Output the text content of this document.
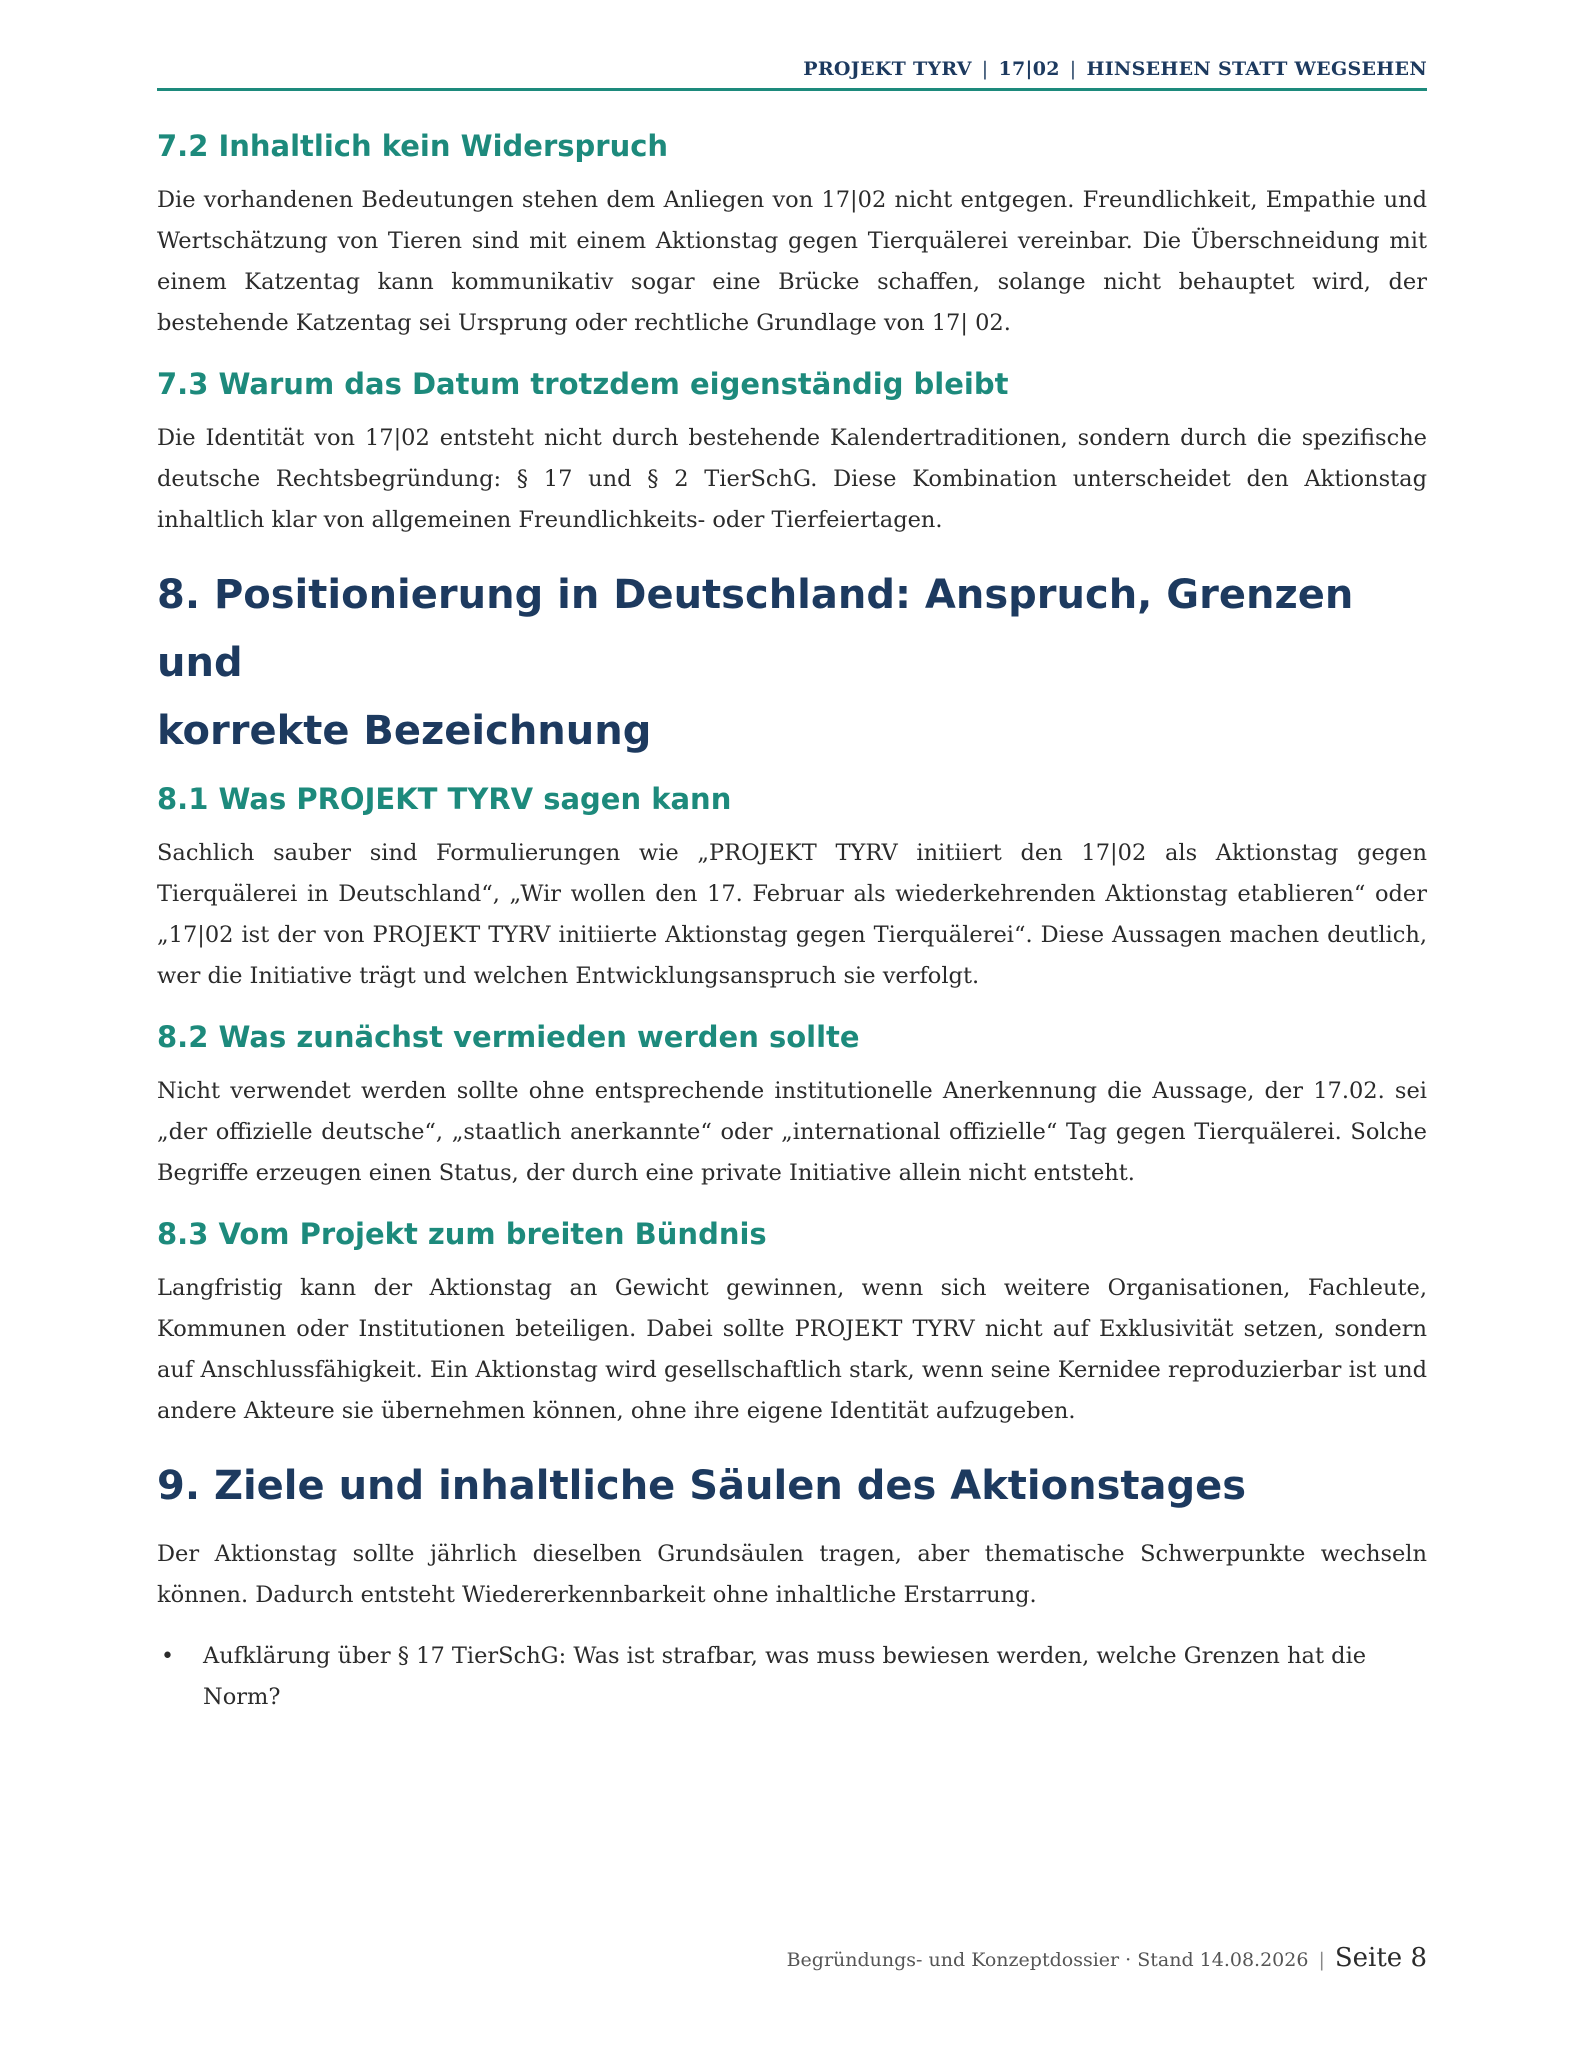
PROJEKT TYRV | 17|02 | HINSEHEN STATT WEGSEHEN
7.2 Inhaltlich kein Widerspruch

Die vorhandenen Bedeutungen stehen dem Anliegen von 17|02 nicht entgegen. Freundlichkeit, Empathie und Wertschätzung von Tieren sind mit einem Aktionstag gegen Tierquälerei vereinbar. Die Überschneidung mit einem Katzentag kann kommunikativ sogar eine Brücke schaffen, solange nicht behauptet wird, der bestehende Katzentag sei Ursprung oder rechtliche Grundlage von 17| 02.

7.3 Warum das Datum trotzdem eigenständig bleibt

Die Identität von 17|02 entsteht nicht durch bestehende Kalendertraditionen, sondern durch die spezifische deutsche Rechtsbegründung: § 17 und § 2 TierSchG. Diese Kombination unterscheidet den Aktionstag inhaltlich klar von allgemeinen Freundlichkeits- oder Tierfeiertagen.

8. Positionierung in Deutschland: Anspruch, Grenzen und
korrekte Bezeichnung
8.1 Was PROJEKT TYRV sagen kann

Sachlich sauber sind Formulierungen wie „PROJEKT TYRV initiiert den 17|02 als Aktionstag gegen Tierquälerei in Deutschland“, „Wir wollen den 17. Februar als wiederkehrenden Aktionstag etablieren“ oder „17|02 ist der von PROJEKT TYRV initiierte Aktionstag gegen Tierquälerei“. Diese Aussagen machen deutlich, wer die Initiative trägt und welchen Entwicklungsanspruch sie verfolgt.

8.2 Was zunächst vermieden werden sollte

Nicht verwendet werden sollte ohne entsprechende institutionelle Anerkennung die Aussage, der 17.02. sei „der offizielle deutsche“, „staatlich anerkannte“ oder „international offizielle“ Tag gegen Tierquälerei. Solche Begriffe erzeugen einen Status, der durch eine private Initiative allein nicht entsteht.

8.3 Vom Projekt zum breiten Bündnis

Langfristig kann der Aktionstag an Gewicht gewinnen, wenn sich weitere Organisationen, Fachleute, Kommunen oder Institutionen beteiligen. Dabei sollte PROJEKT TYRV nicht auf Exklusivität setzen, sondern auf Anschlussfähigkeit. Ein Aktionstag wird gesellschaftlich stark, wenn seine Kernidee reproduzierbar ist und andere Akteure sie übernehmen können, ohne ihre eigene Identität aufzugeben.

9. Ziele und inhaltliche Säulen des Aktionstages

Der Aktionstag sollte jährlich dieselben Grundsäulen tragen, aber thematische Schwerpunkte wechseln können. Dadurch entsteht Wiedererkennbarkeit ohne inhaltliche Erstarrung.

• Aufklärung über § 17 TierSchG: Was ist strafbar, was muss bewiesen werden, welche Grenzen hat die Norm?
Begründungs- und Konzeptdossier · Stand 14.08.2026 | Seite 8
